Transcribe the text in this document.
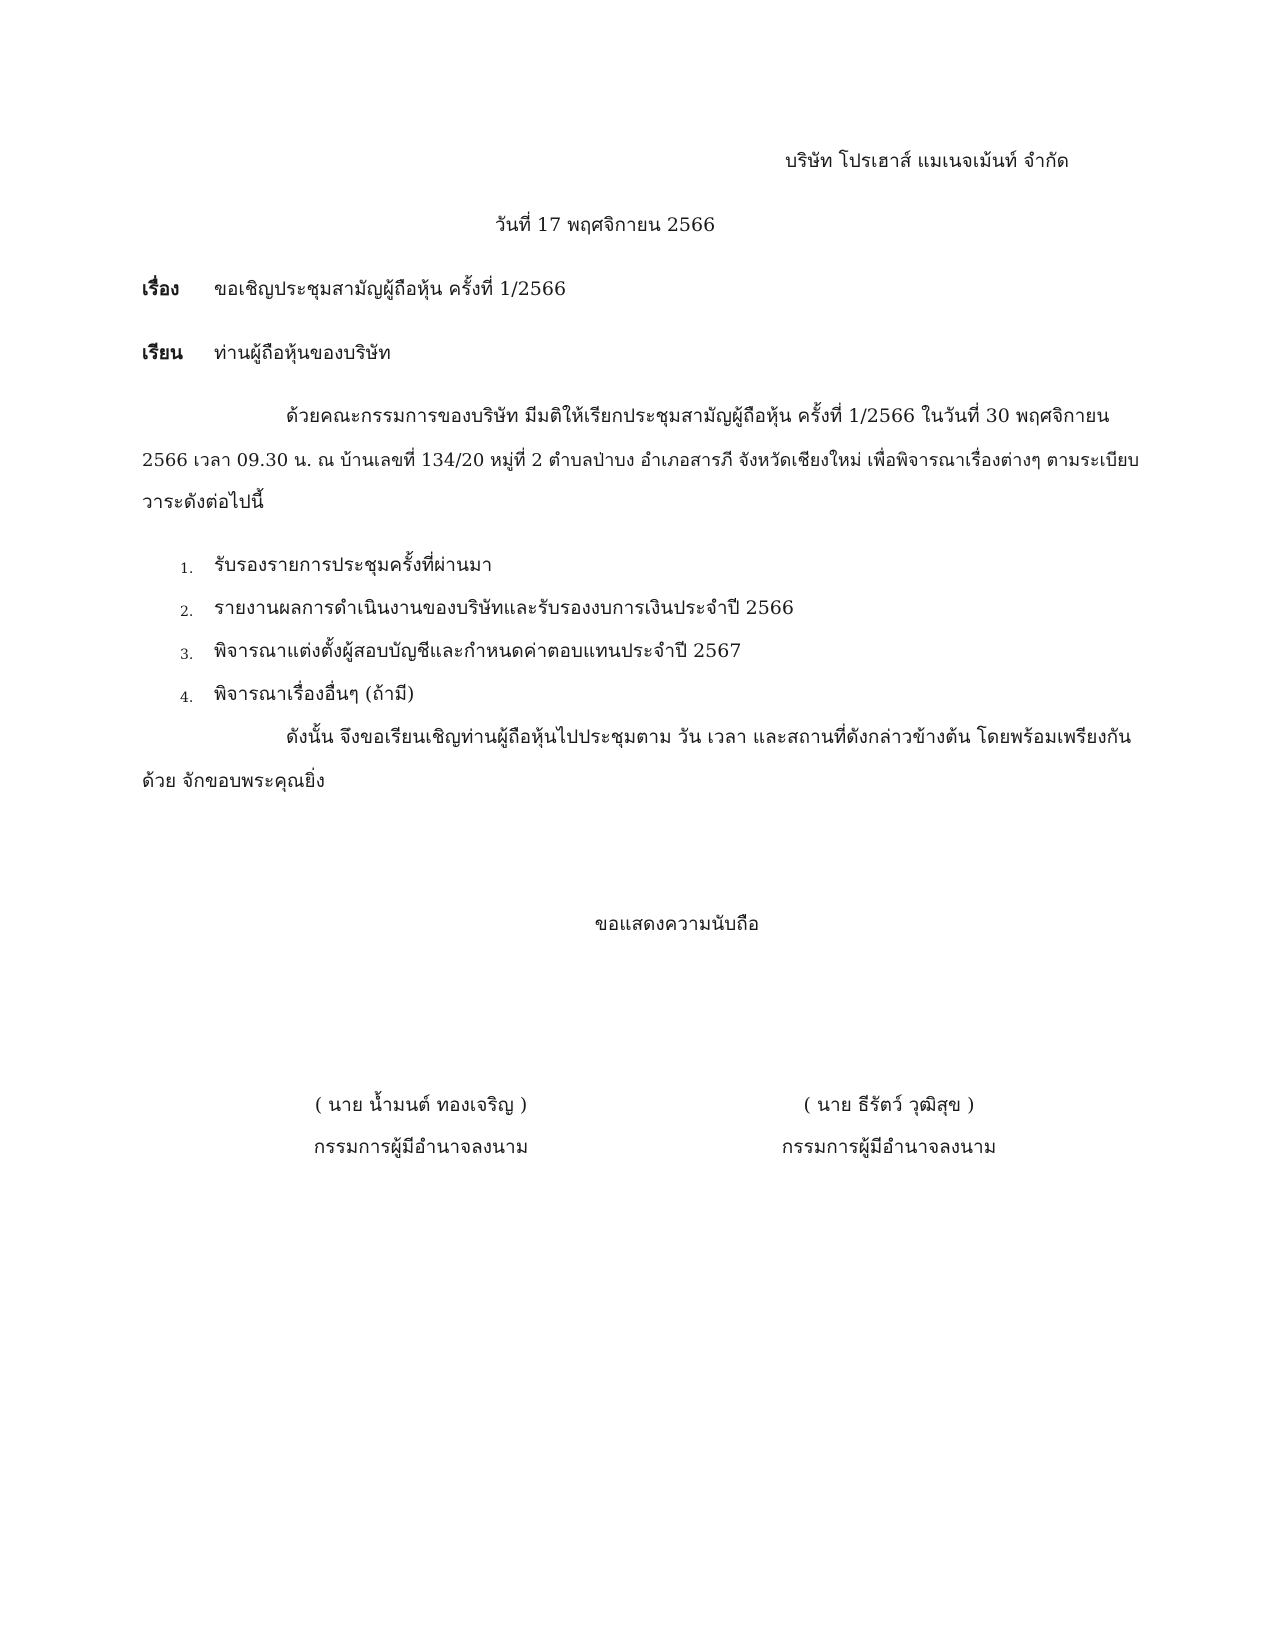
บริษัท โปรเฮาส์ แมเนจเม้นท์ จำกัด
วันที่ 17 พฤศจิกายน 2566
เรื่อง ขอเชิญประชุมสามัญผู้ถือหุ้น ครั้งที่ 1/2566
เรียน ท่านผู้ถือหุ้นของบริษัท
ด้วยคณะกรรมการของบริษัท มีมติให้เรียกประชุมสามัญผู้ถือหุ้น ครั้งที่ 1/2566 ในวันที่ 30 พฤศจิกายน
2566 เวลา 09.30 น. ณ บ้านเลขที่ 134/20 หมู่ที่ 2 ตำบลป่าบง อำเภอสารภี จังหวัดเชียงใหม่ เพื่อพิจารณาเรื่องต่างๆ ตามระเบียบ
วาระดังต่อไปนี้
1. รับรองรายการประชุมครั้งที่ผ่านมา
2. รายงานผลการดำเนินงานของบริษัทและรับรองงบการเงินประจำปี 2566
3. พิจารณาแต่งตั้งผู้สอบบัญชีและกำหนดค่าตอบแทนประจำปี 2567
4. พิจารณาเรื่องอื่นๆ (ถ้ามี)
ดังนั้น จึงขอเรียนเชิญท่านผู้ถือหุ้นไปประชุมตาม วัน เวลา และสถานที่ดังกล่าวข้างต้น โดยพร้อมเพรียงกัน
ด้วย จักขอบพระคุณยิ่ง
ขอแสดงความนับถือ
( นาย น้ำมนต์ ทองเจริญ )
กรรมการผู้มีอำนาจลงนาม
( นาย ธีรัตว์ วุฒิสุข )
กรรมการผู้มีอำนาจลงนาม
